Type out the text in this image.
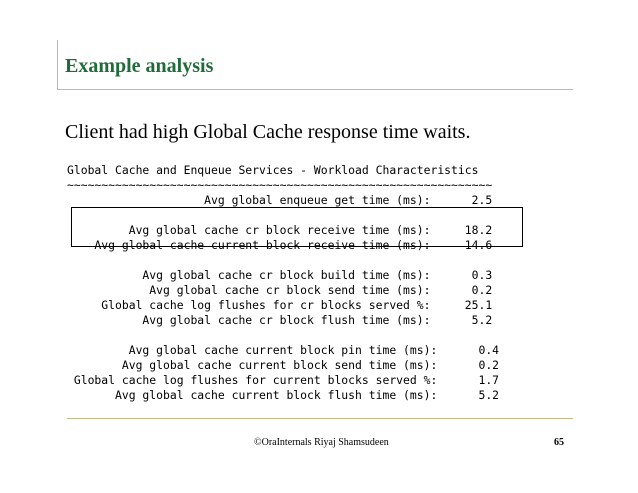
Example analysis
Client had high Global Cache response time waits.
Global Cache and Enqueue Services - Workload Characteristics
~~~~~~~~~~~~~~~~~~~~~~~~~~~~~~~~~~~~~~~~~~~~~~~~~~~~~~~~~~~~~~
Avg global enqueue get time (ms):      2.5
Avg global cache cr block receive time (ms):     18.2
Avg global cache current block receive time (ms):     14.6
Avg global cache cr block build time (ms):      0.3
Avg global cache cr block send time (ms):      0.2
Global cache log flushes for cr blocks served %:     25.1
Avg global cache cr block flush time (ms):      5.2
Avg global cache current block pin time (ms):      0.4
Avg global cache current block send time (ms):      0.2
Global cache log flushes for current blocks served %:      1.7
Avg global cache current block flush time (ms):      5.2
©OraInternals Riyaj Shamsudeen	65
